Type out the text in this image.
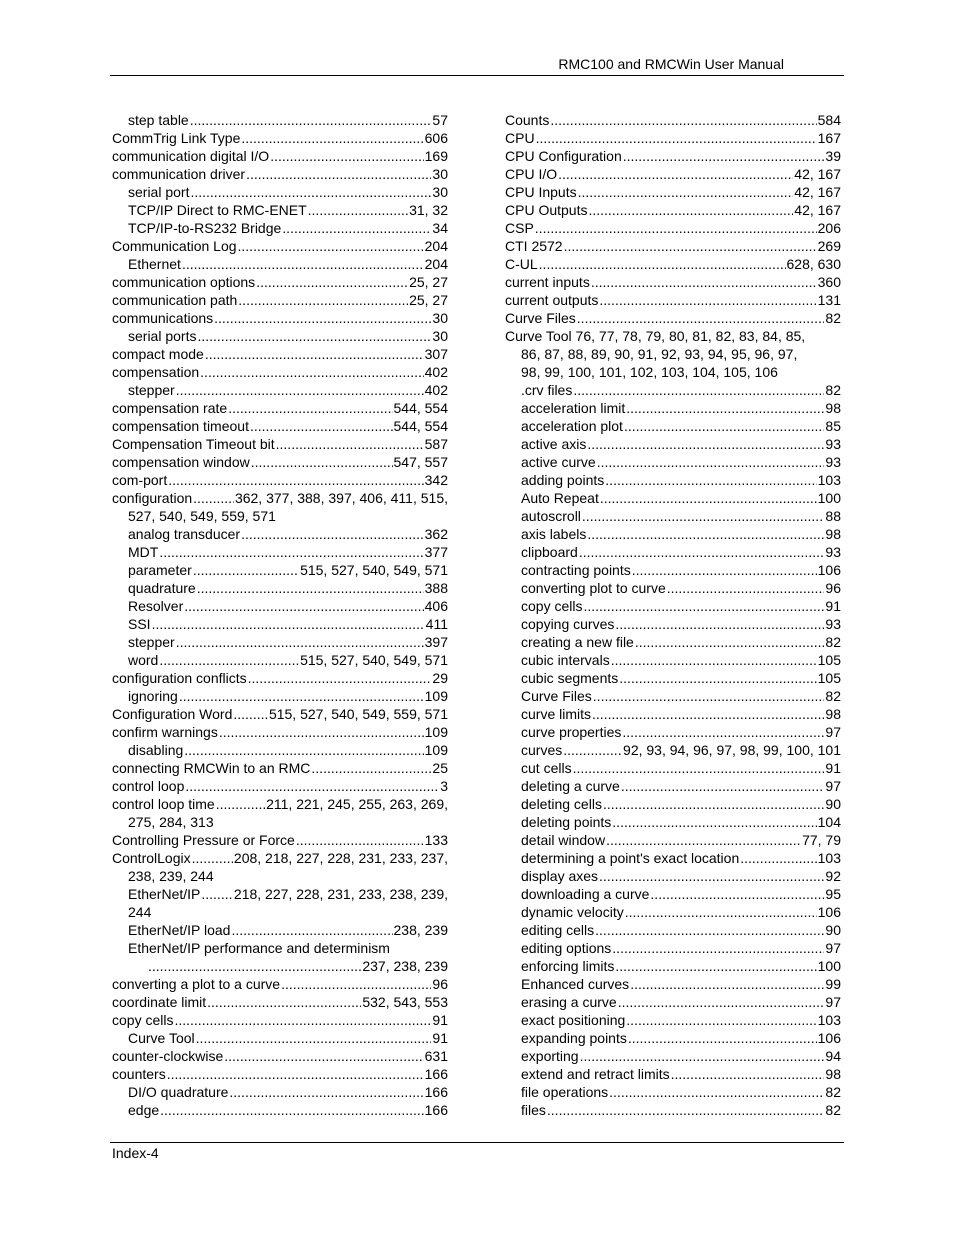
RMC100 and RMCWin User Manual
step table .....	57
CommTrig Link Type .....	606
communication digital I/O .....	169
communication driver .....	30
serial port .....	30
TCP/IP Direct to RMC-ENET .....	31, 32
TCP/IP-to-RS232 Bridge .....	34
Communication Log .....	204
Ethernet .....	204
communication options .....	25, 27
communication path .....	25, 27
communications .....	30
serial ports .....	30
compact mode .....	307
compensation .....	402
stepper .....	402
compensation rate .....	544, 554
compensation timeout .....	544, 554
Compensation Timeout bit .....	587
compensation window .....	547, 557
com-port .....	342
configuration .....	362, 377, 388, 397, 406, 411, 515,
527, 540, 549, 559, 571
analog transducer .....	362
MDT .....	377
parameter .....	515, 527, 540, 549, 571
quadrature .....	388
Resolver .....	406
SSI .....	411
stepper .....	397
word .....	515, 527, 540, 549, 571
configuration conflicts .....	29
ignoring .....	109
Configuration Word .....	515, 527, 540, 549, 559, 571
confirm warnings .....	109
disabling .....	109
connecting RMCWin to an RMC .....	25
control loop .....	3
control loop time .....	211, 221, 245, 255, 263, 269,
275, 284, 313
Controlling Pressure or Force .....	133
ControlLogix .....	208, 218, 227, 228, 231, 233, 237,
238, 239, 244
EtherNet/IP ..... 218, 227, 228, 231, 233, 238, 239,
244
EtherNet/IP load .....	238, 239
EtherNet/IP performance and determinism
.....
237, 238, 239
converting a plot to a curve .....	96
coordinate limit .....	532, 543, 553
copy cells .....	91
Curve Tool .....	91
counter-clockwise .....	631
counters .....	166
DI/O quadrature .....	166
edge .....	166
Counts .....	584
CPU .....	167
CPU Configuration .....	39
CPU I/O .....	42, 167
CPU Inputs .....	42, 167
CPU Outputs .....	42, 167
CSP .....	206
CTI 2572 .....	269
C-UL .....	628, 630
current inputs .....	360
current outputs .....	131
Curve Files .....	82
Curve Tool 76, 77, 78, 79, 80, 81, 82, 83, 84, 85,
86, 87, 88, 89, 90, 91, 92, 93, 94, 95, 96, 97,
98, 99, 100, 101, 102, 103, 104, 105, 106
.crv files .....	82
acceleration limit .....	98
acceleration plot .....	85
active axis .....	93
active curve .....	93
adding points .....	103
Auto Repeat .....	100
autoscroll .....	88
axis labels .....	98
clipboard .....	93
contracting points .....	106
converting plot to curve .....	96
copy cells .....	91
copying curves .....	93
creating a new file .....	82
cubic intervals .....	105
cubic segments .....	105
Curve Files .....	82
curve limits .....	98
curve properties .....	97
curves .....	92, 93, 94, 96, 97, 98, 99, 100, 101
cut cells .....	91
deleting a curve .....	97
deleting cells .....	90
deleting points .....	104
detail window .....	77, 79
determining a point's exact location .....	103
display axes .....	92
downloading a curve .....	95
dynamic velocity .....	106
editing cells .....	90
editing options .....	97
enforcing limits .....	100
Enhanced curves .....	99
erasing a curve .....	97
exact positioning .....	103
expanding points .....	106
exporting .....	94
extend and retract limits .....	98
file operations .....	82
files .....	82
Index-4
